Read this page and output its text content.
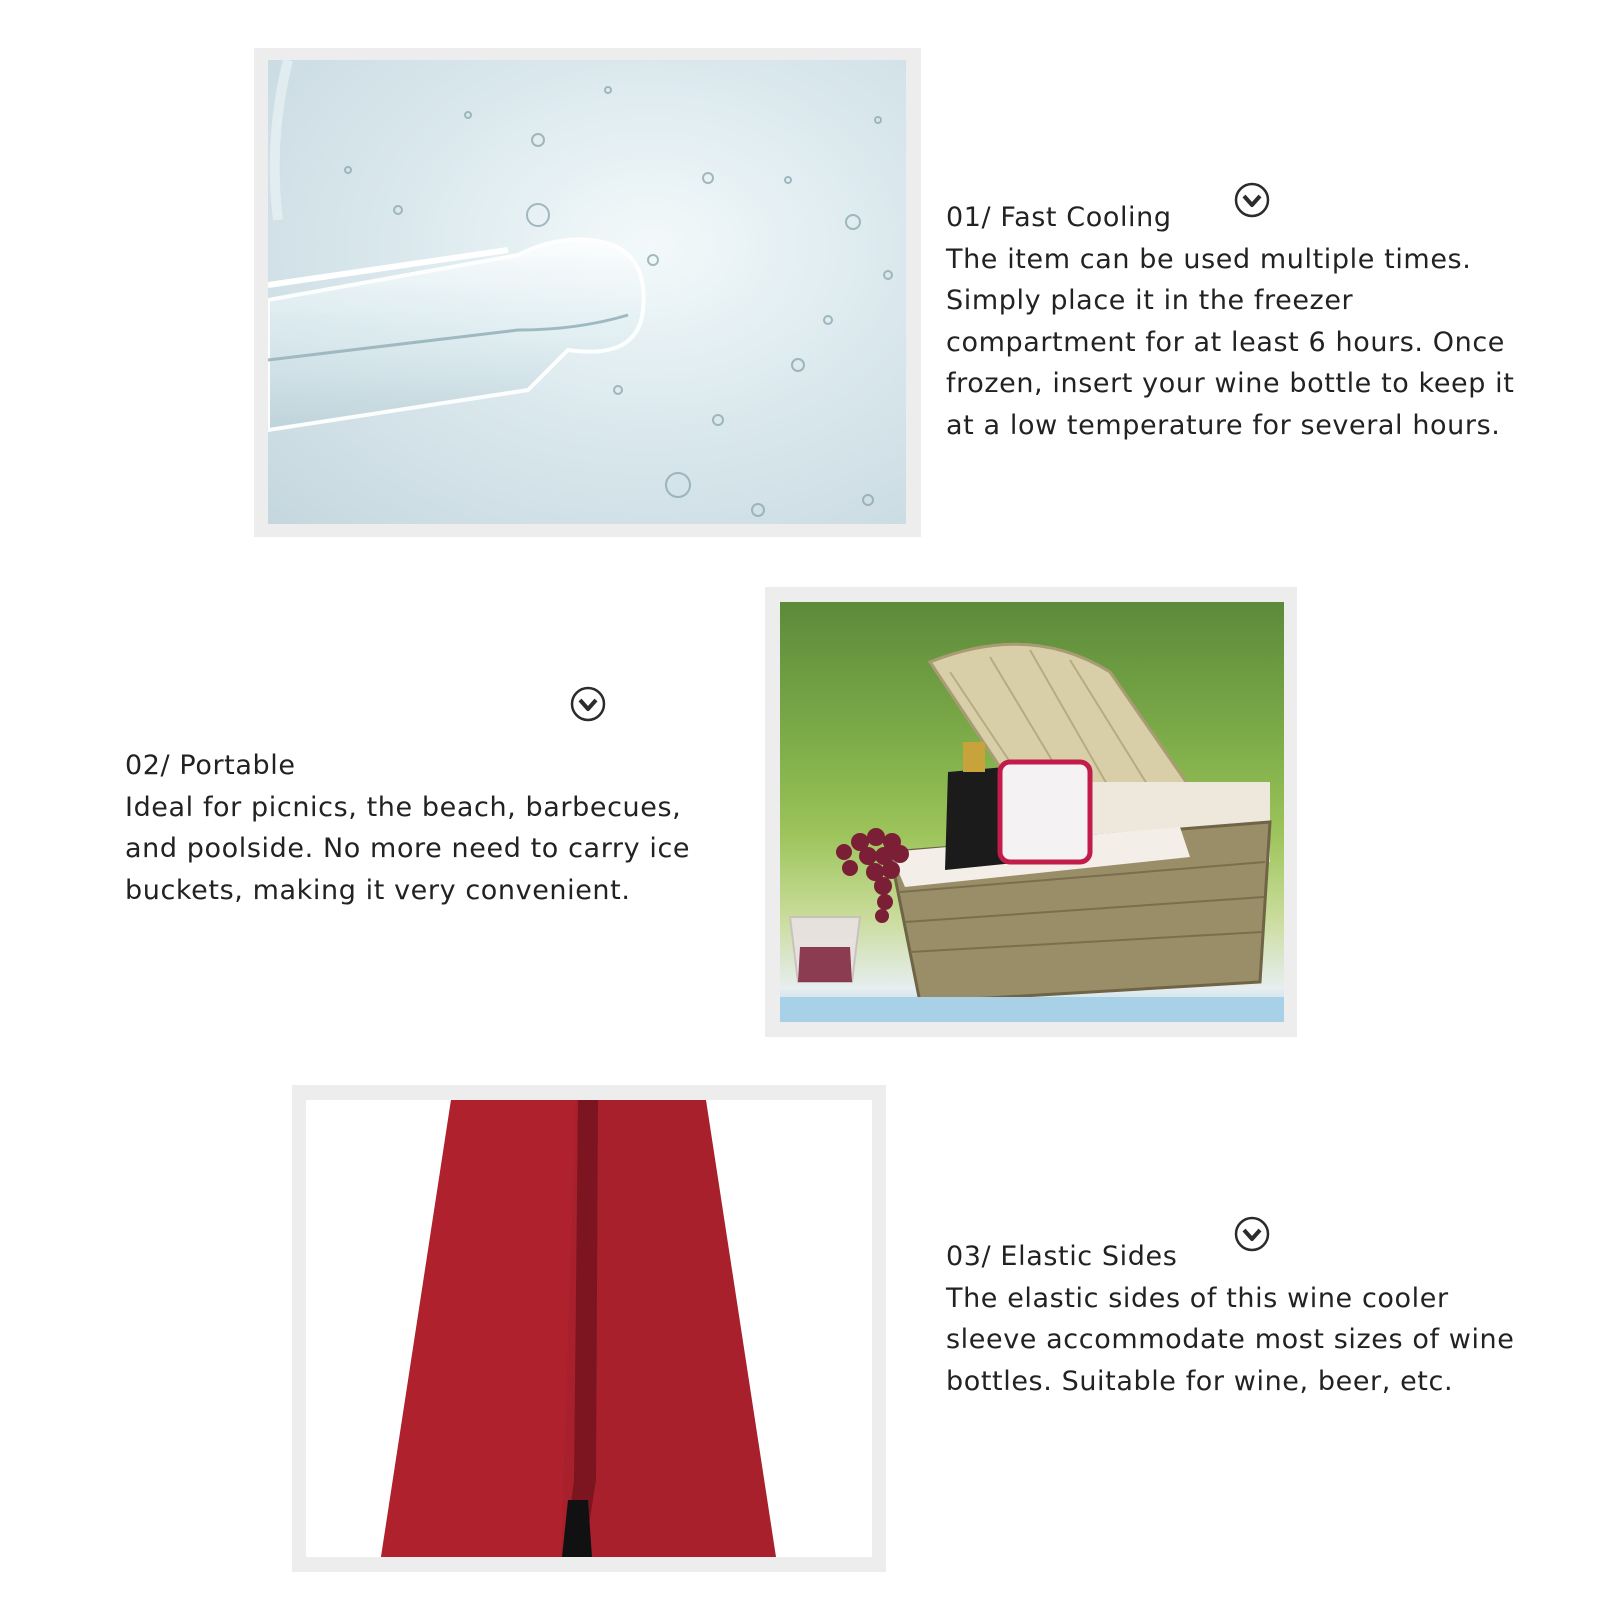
01/ Fast Cooling
The item can be used multiple times. Simply place it in the freezer compartment for at least 6 hours. Once frozen, insert your wine bottle to keep it at a low temperature for several hours.
02/ Portable
Ideal for picnics, the beach, barbecues, and poolside. No more need to carry ice buckets, making it very convenient.
03/ Elastic Sides
The elastic sides of this wine cooler sleeve accommodate most sizes of wine bottles. Suitable for wine, beer, etc.
